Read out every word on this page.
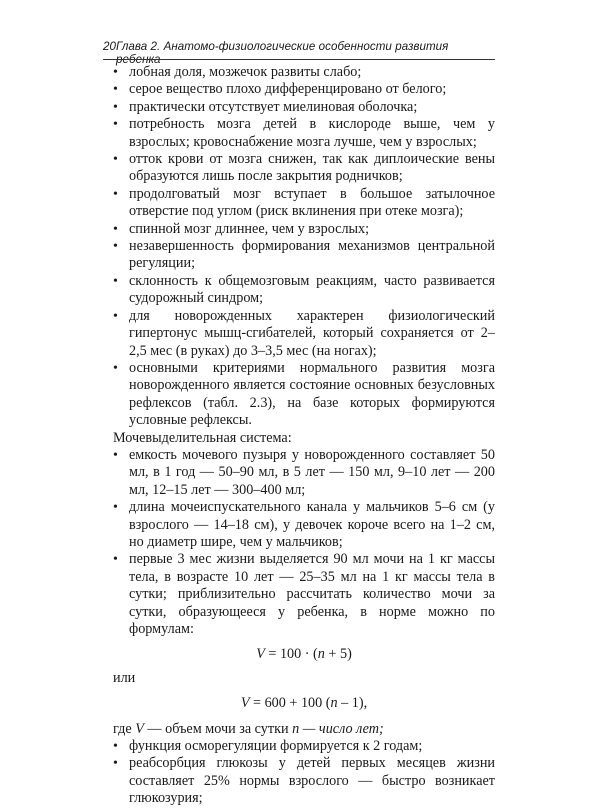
20 Глава 2. Анатомо-физиологические особенности развития ребенка
• лобная доля, мозжечок развиты слабо;
• серое вещество плохо дифференцировано от белого;
• практически отсутствует миелиновая оболочка;
• потребность мозга детей в кислороде выше, чем у взрослых; кровоснабжение мозга лучше, чем у взрослых;
• отток крови от мозга снижен, так как диплоические вены образуются лишь после закрытия родничков;
• продолговатый мозг вступает в большое затылочное отверстие под углом (риск вклинения при отеке мозга);
• спинной мозг длиннее, чем у взрослых;
• незавершенность формирования механизмов центральной регуляции;
• склонность к общемозговым реакциям, часто развивается судорожный синдром;
• для новорожденных характерен физиологический гипертонус мышц-сгибателей, который сохраняется от 2–2,5 мес (в руках) до 3–3,5 мес (на ногах);
• основными критериями нормального развития мозга новорожденного является состояние основных безусловных рефлексов (табл. 2.3), на базе которых формируются условные рефлексы.

Мочевыделительная система:

• емкость мочевого пузыря у новорожденного составляет 50 мл, в 1 год — 50–90 мл, в 5 лет — 150 мл, 9–10 лет — 200 мл, 12–15 лет — 300–400 мл;
• длина мочеиспускательного канала у мальчиков 5–6 см (у взрослого — 14–18 см), у девочек короче всего на 1–2 см, но диаметр шире, чем у мальчиков;
• первые 3 мес жизни выделяется 90 мл мочи на 1 кг массы тела, в возрасте 10 лет — 25–35 мл на 1 кг массы тела в сутки; приблизительно рассчитать количество мочи за сутки, образующееся у ребенка, в норме можно по формулам:
V = 100 · (n + 5)

или

V = 600 + 100 (n – 1),

где V — объем мочи за сутки n — число лет;

• функция осморегуляции формируется к 2 годам;
• реабсорбция глюкозы у детей первых месяцев жизни составляет 25% нормы взрослого — быстро возникает глюкозурия;
